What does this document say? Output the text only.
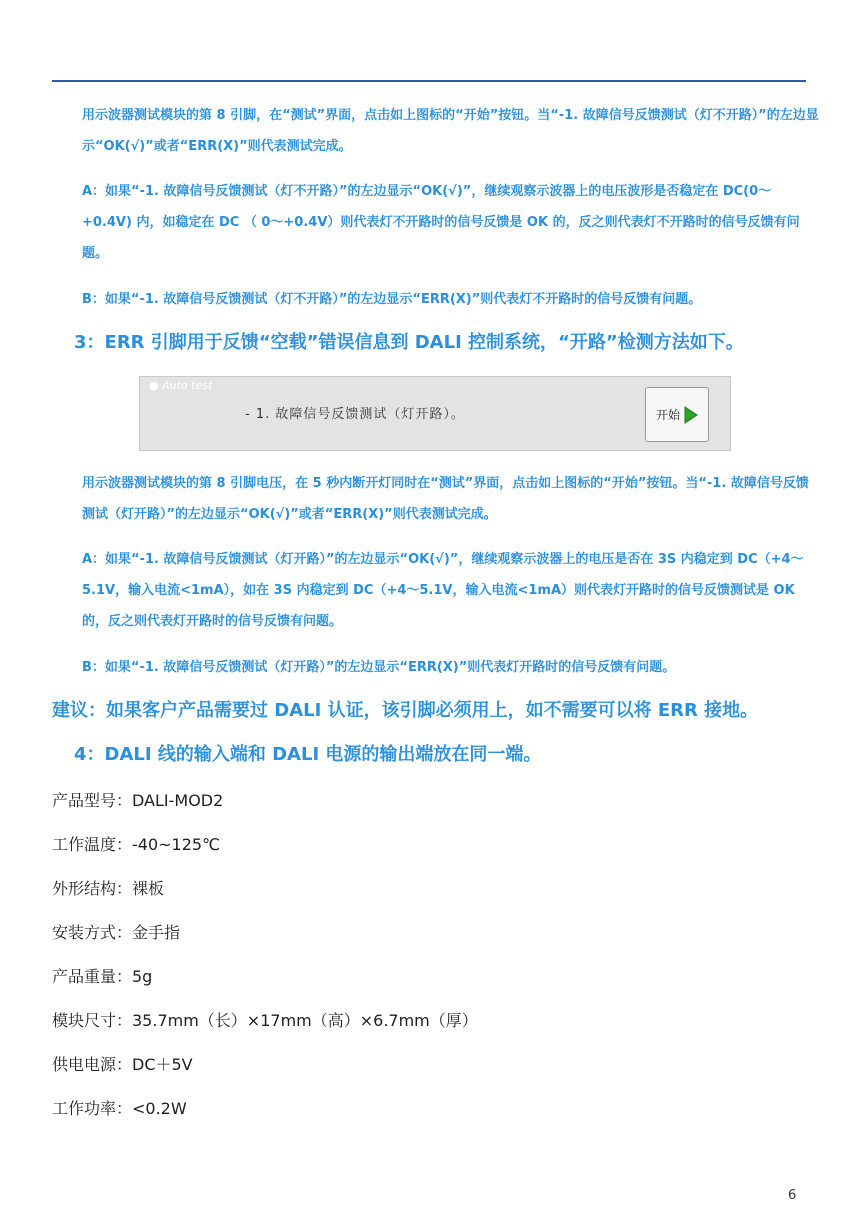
用示波器测试模块的第 8 引脚，在“测试”界面，点击如上图标的“开始”按钮。当“-1. 故障信号反馈测试（灯不开路）”的左边显示“OK(√)”或者“ERR(X)”则代表测试完成。

A：如果“-1. 故障信号反馈测试（灯不开路）”的左边显示“OK(√)”，继续观察示波器上的电压波形是否稳定在 DC(0～+0.4V) 内，如稳定在 DC （ 0～+0.4V）则代表灯不开路时的信号反馈是 OK 的，反之则代表灯不开路时的信号反馈有问题。

B：如果“-1. 故障信号反馈测试（灯不开路）”的左边显示“ERR(X)”则代表灯不开路时的信号反馈有问题。

3：ERR 引脚用于反馈“空载”错误信息到 DALI 控制系统，“开路”检测方法如下。
● Auto test
- 1. 故障信号反馈测试（灯开路）。	开始

用示波器测试模块的第 8 引脚电压，在 5 秒内断开灯同时在“测试”界面，点击如上图标的“开始”按钮。当“-1. 故障信号反馈测试（灯开路）”的左边显示“OK(√)”或者“ERR(X)”则代表测试完成。

A：如果“-1. 故障信号反馈测试（灯开路）”的左边显示“OK(√)”，继续观察示波器上的电压是否在 3S 内稳定到 DC（+4～5.1V，输入电流<1mA），如在 3S 内稳定到 DC（+4～5.1V，输入电流<1mA）则代表灯开路时的信号反馈测试是 OK 的，反之则代表灯开路时的信号反馈有问题。

B：如果“-1. 故障信号反馈测试（灯开路）”的左边显示“ERR(X)”则代表灯开路时的信号反馈有问题。

建议：如果客户产品需要过 DALI 认证，该引脚必须用上，如不需要可以将 ERR 接地。
4：DALI 线的输入端和 DALI 电源的输出端放在同一端。

产品型号：DALI-MOD2

工作温度：-40~125℃

外形结构：裸板

安装方式：金手指

产品重量：5g

模块尺寸：35.7mm（长）×17mm（高）×6.7mm（厚）

供电电源：DC＋5V

工作功率：<0.2W

6
